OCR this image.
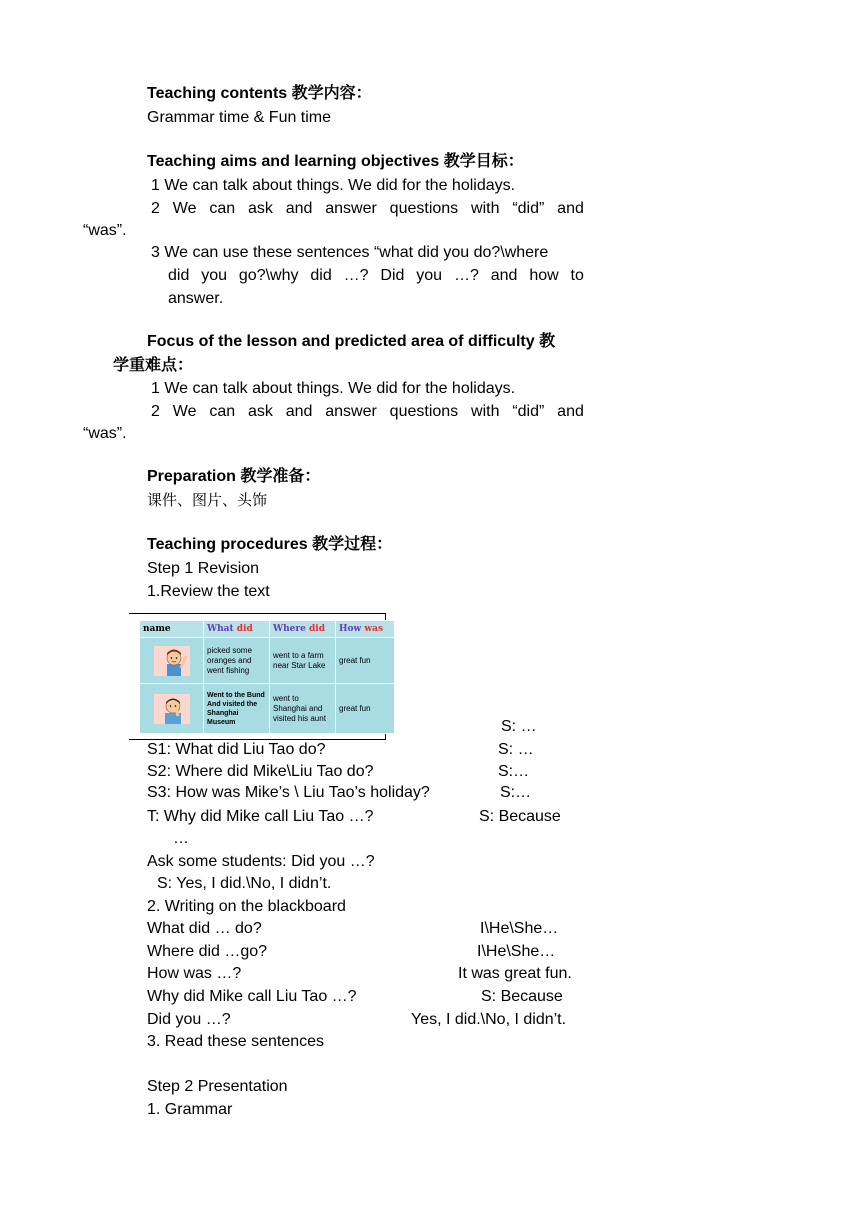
Teaching contents 教学内容：
Grammar time & Fun time
Teaching aims and learning objectives 教学目标：
1 We can talk about things. We did for the holidays.
2 We can ask and answer questions with “did” and
“was”.
3 We can use these sentences “what did you do?\where
did you go?\why did …? Did you …? and how to
answer.
Focus of the lesson and predicted area of difficulty 教
学重难点：
1 We can talk about things. We did for the holidays.
2 We can ask and answer questions with “did” and
“was”.
Preparation 教学准备：
课件、图片、头饰
Teaching procedures 教学过程：
Step 1 Revision
1.Review the text
name	What did	Where did	How was

	picked some oranges and went fishing	went to a farm near Star Lake	great fun

	Went to the Bund And visited the Shanghai Museum	went to Shanghai and visited his aunt	great fun
S: …
S1: What did Liu Tao do?	S: …
S2: Where did Mike\Liu Tao do?	S:…
S3: How was Mike’s \ Liu Tao’s holiday?	S:…
T: Why did Mike call Liu Tao …?	S: Because
…
Ask some students: Did you …?
S: Yes, I did.\No, I didn’t.
2. Writing on the blackboard
What did … do?	I\He\She…
Where did …go?	I\He\She…
How was …?	It was great fun.
Why did Mike call Liu Tao …?	S: Because
Did you …?	Yes, I did.\No, I didn’t.
3. Read these sentences
Step 2 Presentation
1. Grammar
